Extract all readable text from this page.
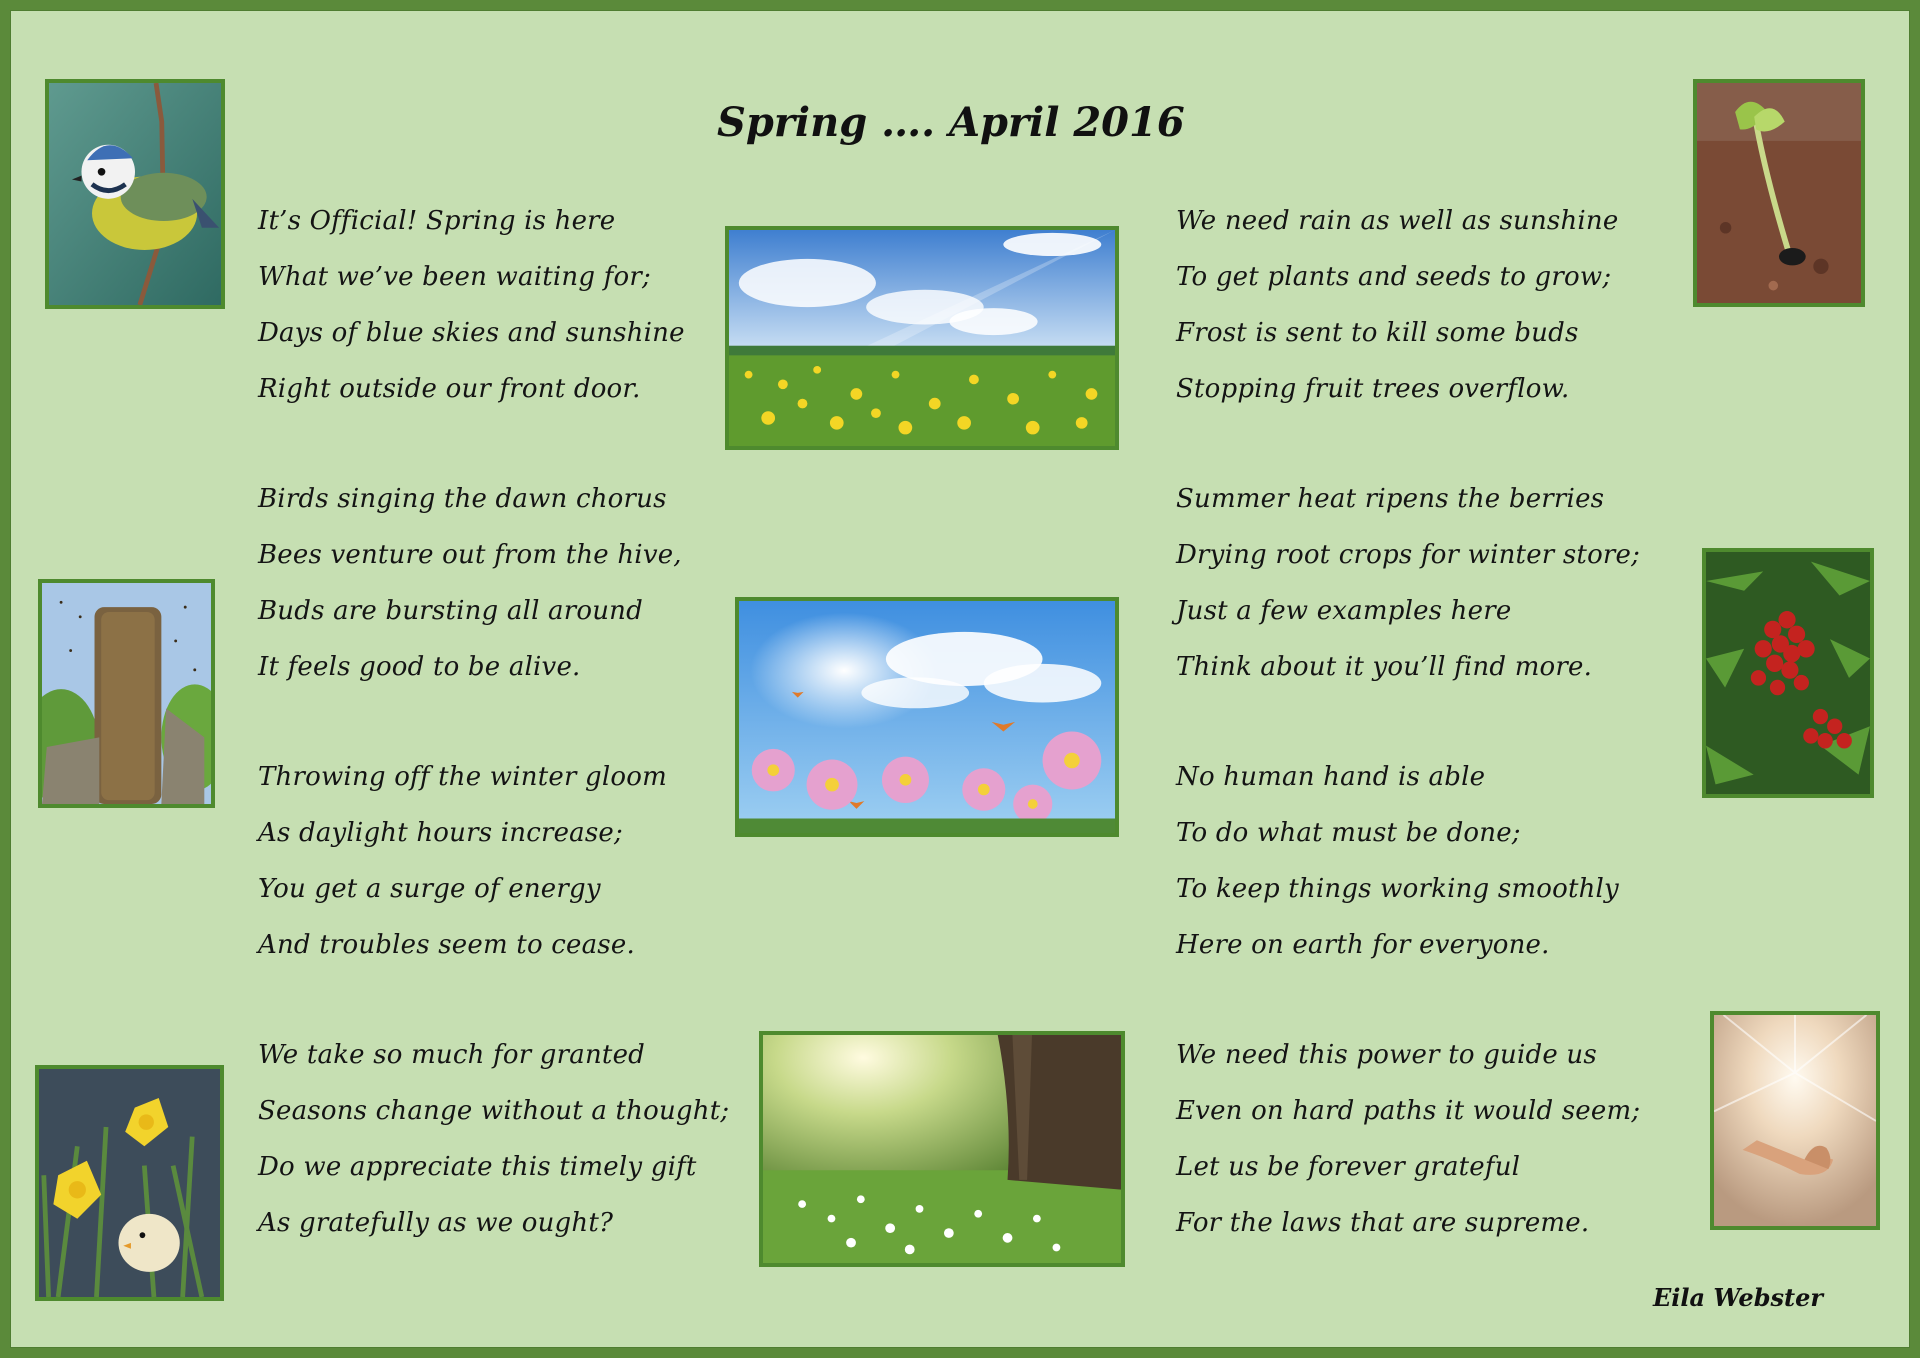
Spring …. April 2016
It’s Official! Spring is here
What we’ve been waiting for;
Days of blue skies and sunshine
Right outside our front door.
Birds singing the dawn chorus
Bees venture out from the hive,
Buds are bursting all around
It feels good to be alive.
Throwing off the winter gloom
As daylight hours increase;
You get a surge of energy
And troubles seem to cease.
We take so much for granted
Seasons change without a thought;
Do we appreciate this timely gift
As gratefully as we ought?
We need rain as well as sunshine
To get plants and seeds to grow;
Frost is sent to kill some buds
Stopping fruit trees overflow.
Summer heat ripens the berries
Drying root crops for winter store;
Just a few examples here
Think about it you’ll find more.
No human hand is able
To do what must be done;
To keep things working smoothly
Here on earth for everyone.
We need this power to guide us
Even on hard paths it would seem;
Let us be forever grateful
For the laws that are supreme.
Eila Webster
